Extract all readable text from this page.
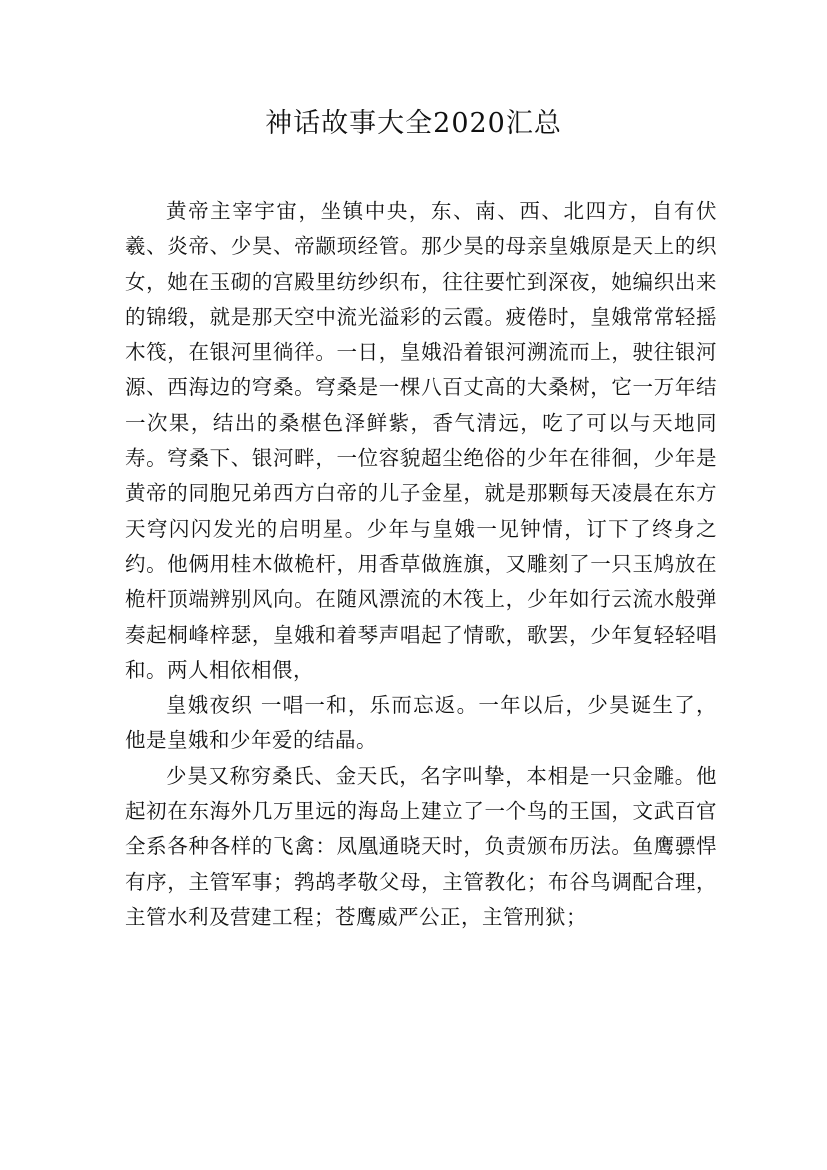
神话故事大全2020汇总

黄帝主宰宇宙，坐镇中央，东、南、西、北四方，自有伏羲、炎帝、少昊、帝颛顼经管。那少昊的母亲皇娥原是天上的织女，她在玉砌的宫殿里纺纱织布，往往要忙到深夜，她编织出来的锦缎，就是那天空中流光溢彩的云霞。疲倦时，皇娥常常轻摇木筏，在银河里徜徉。一日，皇娥沿着银河溯流而上，驶往银河源、西海边的穹桑。穹桑是一棵八百丈高的大桑树，它一万年结一次果，结出的桑椹色泽鲜紫，香气清远，吃了可以与天地同寿。穹桑下、银河畔，一位容貌超尘绝俗的少年在徘徊，少年是黄帝的同胞兄弟西方白帝的儿子金星，就是那颗每天凌晨在东方天穹闪闪发光的启明星。少年与皇娥一见钟情，订下了终身之约。他俩用桂木做桅杆，用香草做旌旗，又雕刻了一只玉鸠放在桅杆顶端辨别风向。在随风漂流的木筏上，少年如行云流水般弹奏起桐峰梓瑟，皇娥和着琴声唱起了情歌，歌罢，少年复轻轻唱和。两人相依相偎，

皇娥夜织 一唱一和，乐而忘返。一年以后，少昊诞生了，他是皇娥和少年爱的结晶。

少昊又称穷桑氏、金天氏，名字叫挚，本相是一只金雕。他起初在东海外几万里远的海岛上建立了一个鸟的王国，文武百官全系各种各样的飞禽：凤凰通晓天时，负责颁布历法。鱼鹰骠悍有序，主管军事；鹁鸪孝敬父母，主管教化；布谷鸟调配合理，主管水利及营建工程；苍鹰威严公正，主管刑狱；
